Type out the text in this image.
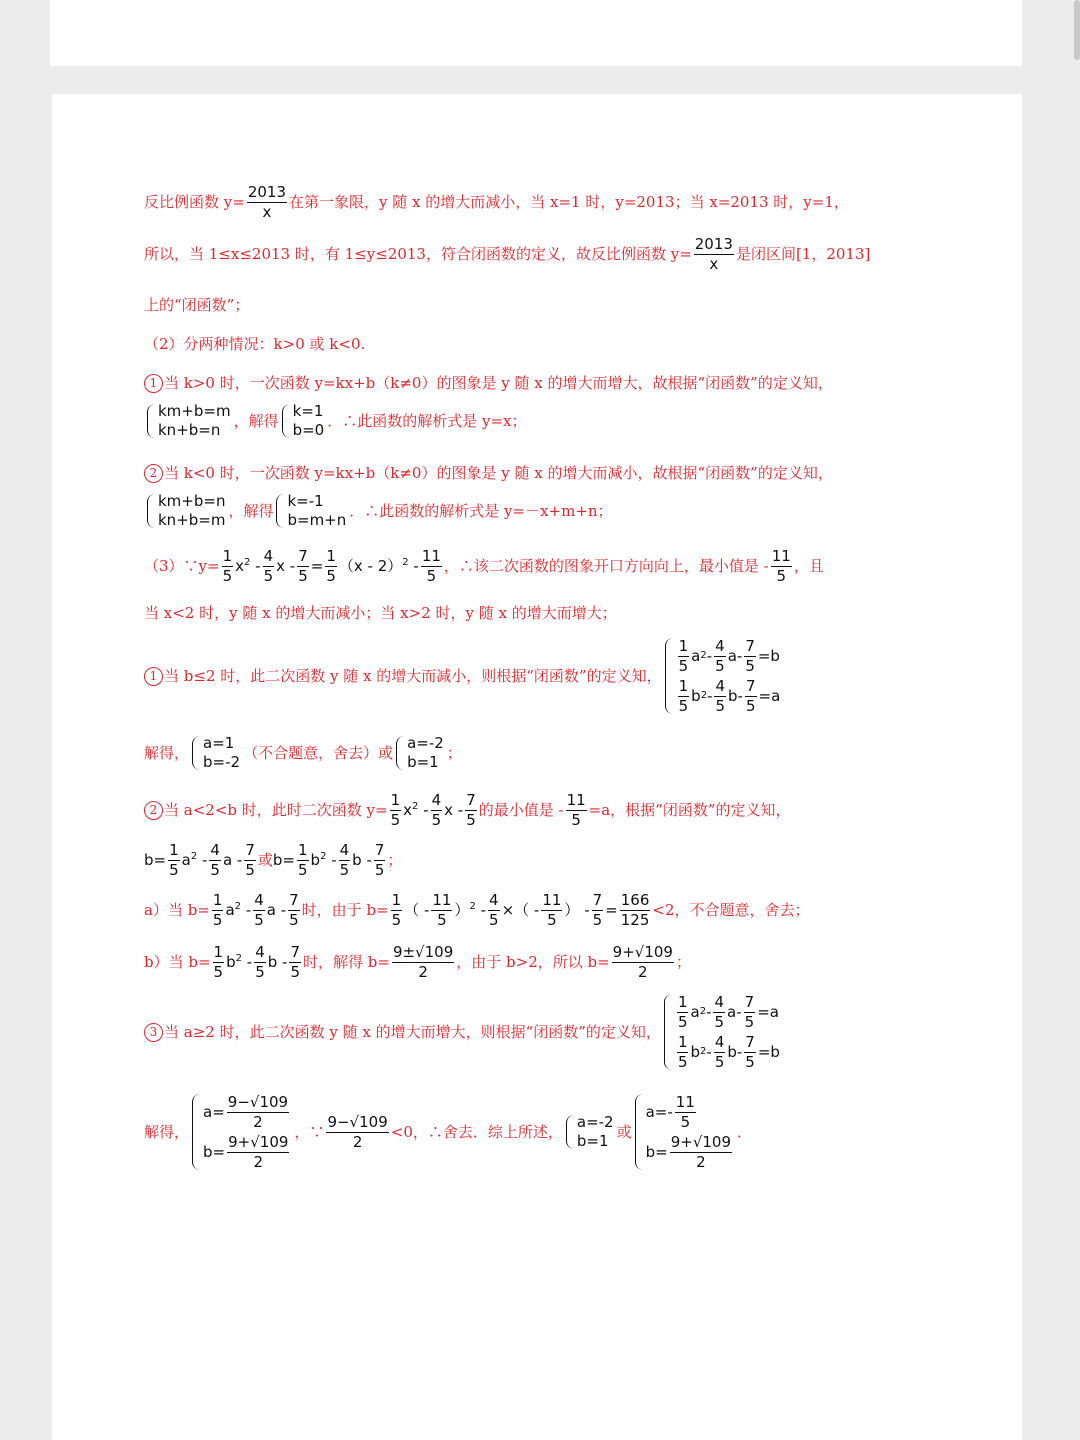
反比例函数 $y= \frac{2013}{x}$ 在第一象限，y 随 x 的增大而减小，当 x=1 时，y=2013；当 x=2013 时，y=1，
所以，当 1≤x≤2013 时，有 1≤y≤2013，符合闭函数的定义，故反比例函数 $y= \frac{2013}{x}$ 是闭区间[1，2013]
上的“闭函数”；
（2）分两种情况：k>0 或 k<0.
1 当 k>0 时，一次函数 y=kx+b（k≠0）的图象是 y 随 x 的增大而增大，故根据“闭函数”的定义知，
km+b=m
kn+b=n
，解得
k=1
b=0
．∴此函数的解析式是 y=x；
2 当 k<0 时，一次函数 y=kx+b（k≠0）的图象是 y 随 x 的增大而减小，故根据“闭函数”的定义知，
km+b=n
kn+b=m
，解得
k=-1
b=m+n
．∴此函数的解析式是 y=－x+m+n；
（3）∵y= $\frac{1}{5} x^2$ -
4
5
$x - \frac{7}{5} = \frac{1}{5} (x - 2)^2$ -
11
5
，∴该二次函数的图象开口方向向上，最小值是 -
11
5
，且
当 x<2 时，y 随 x 的增大而减小；当 x>2 时，y 随 x 的增大而增大；
1 当 b≤2 时，此二次函数 y 随 x 的增大而减小，则根据“闭函数”的定义知，
1
5
a 2 -
4
5
a-
7
5
=b
1
5
b 2 -
4
5
b-
7
5
=a
解得，
a=1
b=-2
（不合题意，舍去）或
a=-2
b=1
；
2 当 a<2<b 时，此时二次函数 $y= \frac{1}{5} x^2$ -
4
5
x -
7
5
的最小值是 - $\frac{11}{5} =a$，根据“闭函数”的定义知，
$b= \frac{1}{5} a^2$ -
4
5
a -
7
5
或 $b= \frac{1}{5} b^2$ -
4
5
b -
7
5
；
a）当 $b= \frac{1}{5} a^2$ -
4
5
a -
7
5
时，由于 $b= \frac{1}{5}$ （ -
11
5
）$^2 - \frac{4}{5}$ ×（ -
11
5
） - $\frac{7}{5} = \frac{166}{125} <2$，不合题意，舍去；
b）当 $b= \frac{1}{5} b^2$ -
4
5
b -
7
5
时，解得 $b= \frac{9\pm√109}{2}$ ，由于 b>2，所以 $b= \frac{9+√109}{2}$ ；
3 当 a≥2 时，此二次函数 y 随 x 的增大而增大，则根据“闭函数”的定义知，
1
5
a 2 -
4
5
a-
7
5
=a
1
5
b 2 -
4
5
b-
7
5
=b
解得，
a=
9−√109
2
b=
9+√109
2
，∵
9−√109
2
<0，∴舍去．综上所述，
a=-2
b=1
或
a=-
11
5
b=
9+√109
2
．
